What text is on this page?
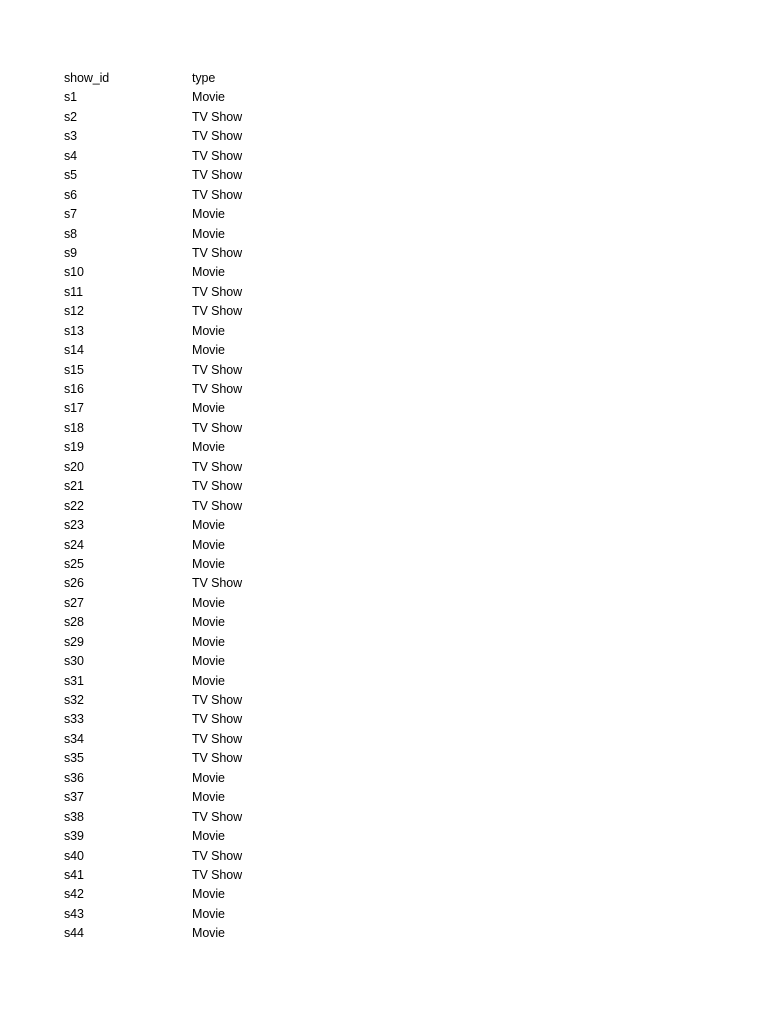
show_id	type
s1	Movie
s2	TV Show
s3	TV Show
s4	TV Show
s5	TV Show
s6	TV Show
s7	Movie
s8	Movie
s9	TV Show
s10	Movie
s11	TV Show
s12	TV Show
s13	Movie
s14	Movie
s15	TV Show
s16	TV Show
s17	Movie
s18	TV Show
s19	Movie
s20	TV Show
s21	TV Show
s22	TV Show
s23	Movie
s24	Movie
s25	Movie
s26	TV Show
s27	Movie
s28	Movie
s29	Movie
s30	Movie
s31	Movie
s32	TV Show
s33	TV Show
s34	TV Show
s35	TV Show
s36	Movie
s37	Movie
s38	TV Show
s39	Movie
s40	TV Show
s41	TV Show
s42	Movie
s43	Movie
s44	Movie
